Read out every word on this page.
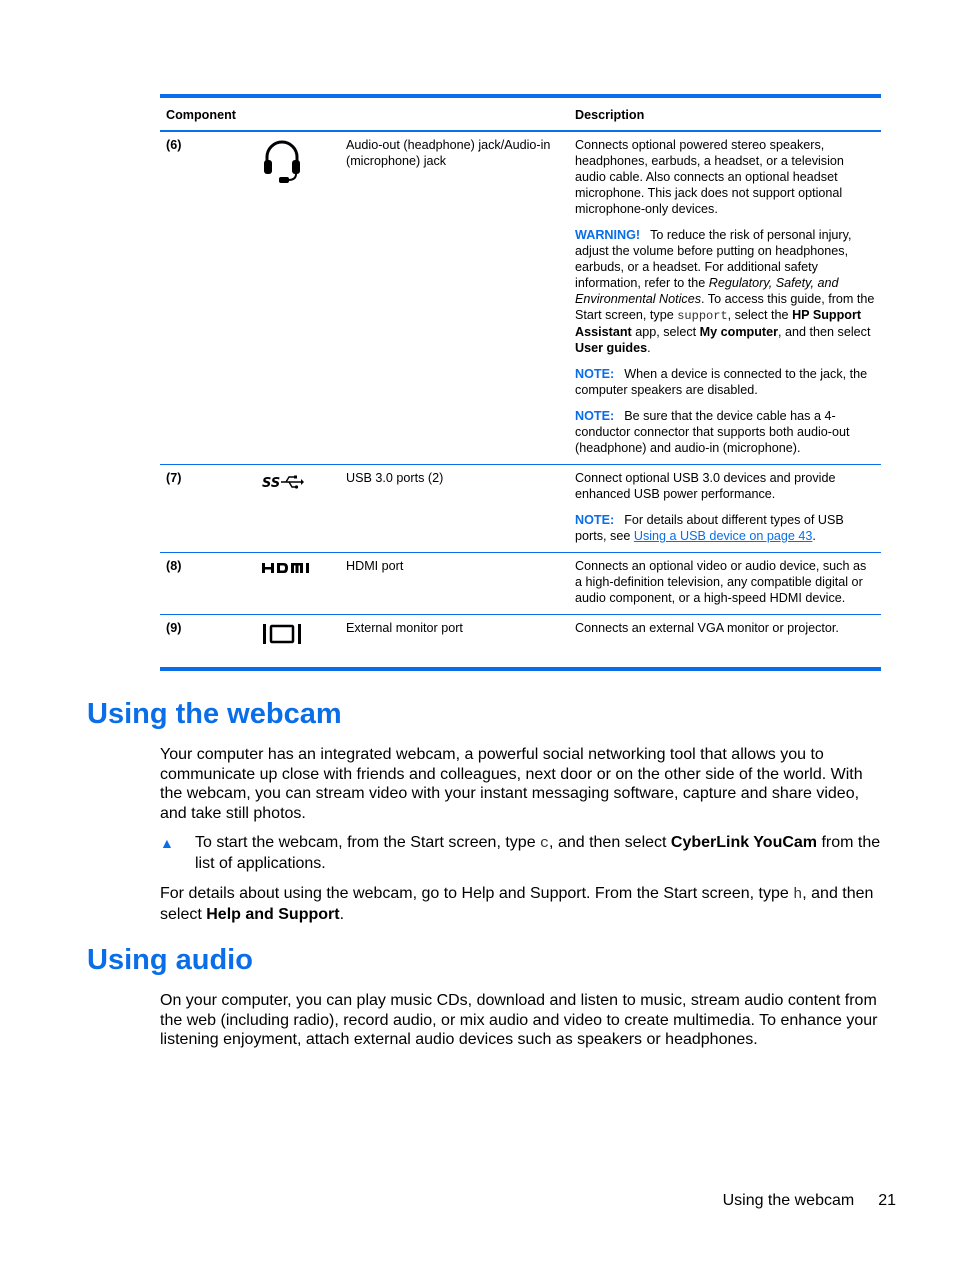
Component			Description
(6)		Audio-out (headphone) jack/Audio-in (microphone) jack	Connects optional powered stereo speakers, headphones, earbuds, a headset, or a television audio cable. Also connects an optional headset microphone. This jack does not support optional microphone-only devices.

WARNING! To reduce the risk of personal injury, adjust the volume before putting on headphones, earbuds, or a headset. For additional safety information, refer to the Regulatory, Safety, and Environmental Notices. To access this guide, from the Start screen, type support, select the HP Support Assistant app, select My computer, and then select User guides.

NOTE: When a device is connected to the jack, the computer speakers are disabled.

NOTE: Be sure that the device cable has a 4-conductor connector that supports both audio-out (headphone) and audio-in (microphone).

(7)	SS	USB 3.0 ports (2)	Connect optional USB 3.0 devices and provide enhanced USB power performance.

NOTE: For details about different types of USB ports, see Using a USB device on page 43.

(8)		HDMI port	Connects an optional video or audio device, such as a high-definition television, any compatible digital or audio component, or a high-speed HDMI device.

(9)		External monitor port	Connects an external VGA monitor or projector.

Using the webcam

Your computer has an integrated webcam, a powerful social networking tool that allows you to communicate up close with friends and colleagues, next door or on the other side of the world. With the webcam, you can stream video with your instant messaging software, capture and share video, and take still photos.

▲	To start the webcam, from the Start screen, type c, and then select CyberLink YouCam from the list of applications.

For details about using the webcam, go to Help and Support. From the Start screen, type h, and then select Help and Support.

Using audio

On your computer, you can play music CDs, download and listen to music, stream audio content from the web (including radio), record audio, or mix audio and video to create multimedia. To enhance your listening enjoyment, attach external audio devices such as speakers or headphones.

Using the webcam 21
